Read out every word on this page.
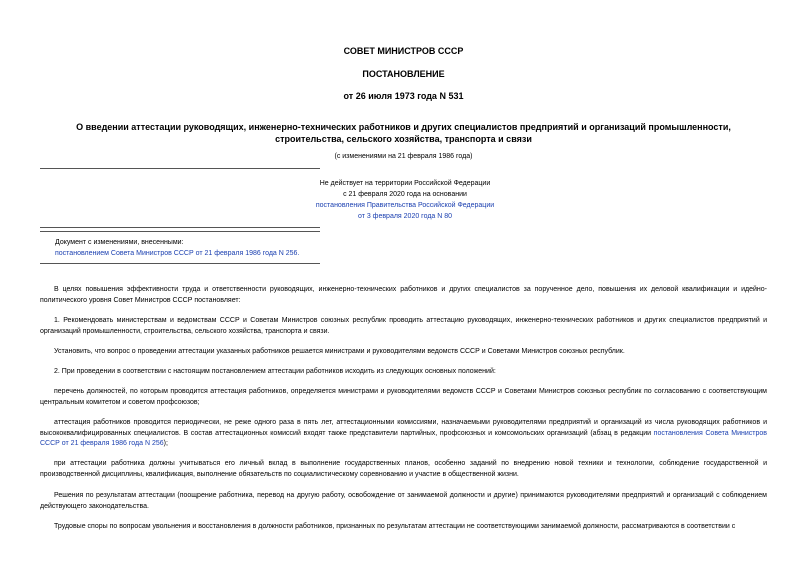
СОВЕТ МИНИСТРОВ СССР
ПОСТАНОВЛЕНИЕ
от 26 июля 1973 года N 531
О введении аттестации руководящих, инженерно-технических работников и других специалистов предприятий и организаций промышленности, строительства, сельского хозяйства, транспорта и связи
(с изменениями на 21 февраля 1986 года)
Не действует на территории Российской Федерации
с 21 февраля 2020 года на основании
постановления Правительства Российской Федерации
от 3 февраля 2020 года N 80
Документ с изменениями, внесенными:
постановлением Совета Министров СССР от 21 февраля 1986 года N 256.
В целях повышения эффективности труда и ответственности руководящих, инженерно-технических работников и других специалистов за порученное дело, повышения их деловой квалификации и идейно-политического уровня Совет Министров СССР постановляет:
1. Рекомендовать министерствам и ведомствам СССР и Советам Министров союзных республик проводить аттестацию руководящих, инженерно-технических работников и других специалистов предприятий и организаций промышленности, строительства, сельского хозяйства, транспорта и связи.
Установить, что вопрос о проведении аттестации указанных работников решается министрами и руководителями ведомств СССР и Советами Министров союзных республик.
2. При проведении в соответствии с настоящим постановлением аттестации работников исходить из следующих основных положений:
перечень должностей, по которым проводится аттестация работников, определяется министрами и руководителями ведомств СССР и Советами Министров союзных республик по согласованию с соответствующим центральным комитетом и советом профсоюзов;
аттестация работников проводится периодически, не реже одного раза в пять лет, аттестационными комиссиями, назначаемыми руководителями предприятий и организаций из числа руководящих работников и высококвалифицированных специалистов. В состав аттестационных комиссий входят также представители партийных, профсоюзных и комсомольских организаций (абзац в редакции постановления Совета Министров СССР от 21 февраля 1986 года N 256);
при аттестации работника должны учитываться его личный вклад в выполнение государственных планов, особенно заданий по внедрению новой техники и технологии, соблюдение государственной и производственной дисциплины, квалификация, выполнение обязательств по социалистическому соревнованию и участие в общественной жизни.
Решения по результатам аттестации (поощрение работника, перевод на другую работу, освобождение от занимаемой должности и другие) принимаются руководителями предприятий и организаций с соблюдением действующего законодательства.
Трудовые споры по вопросам увольнения и восстановления в должности работников, признанных по результатам аттестации не соответствующими занимаемой должности, рассматриваются в соответствии с
